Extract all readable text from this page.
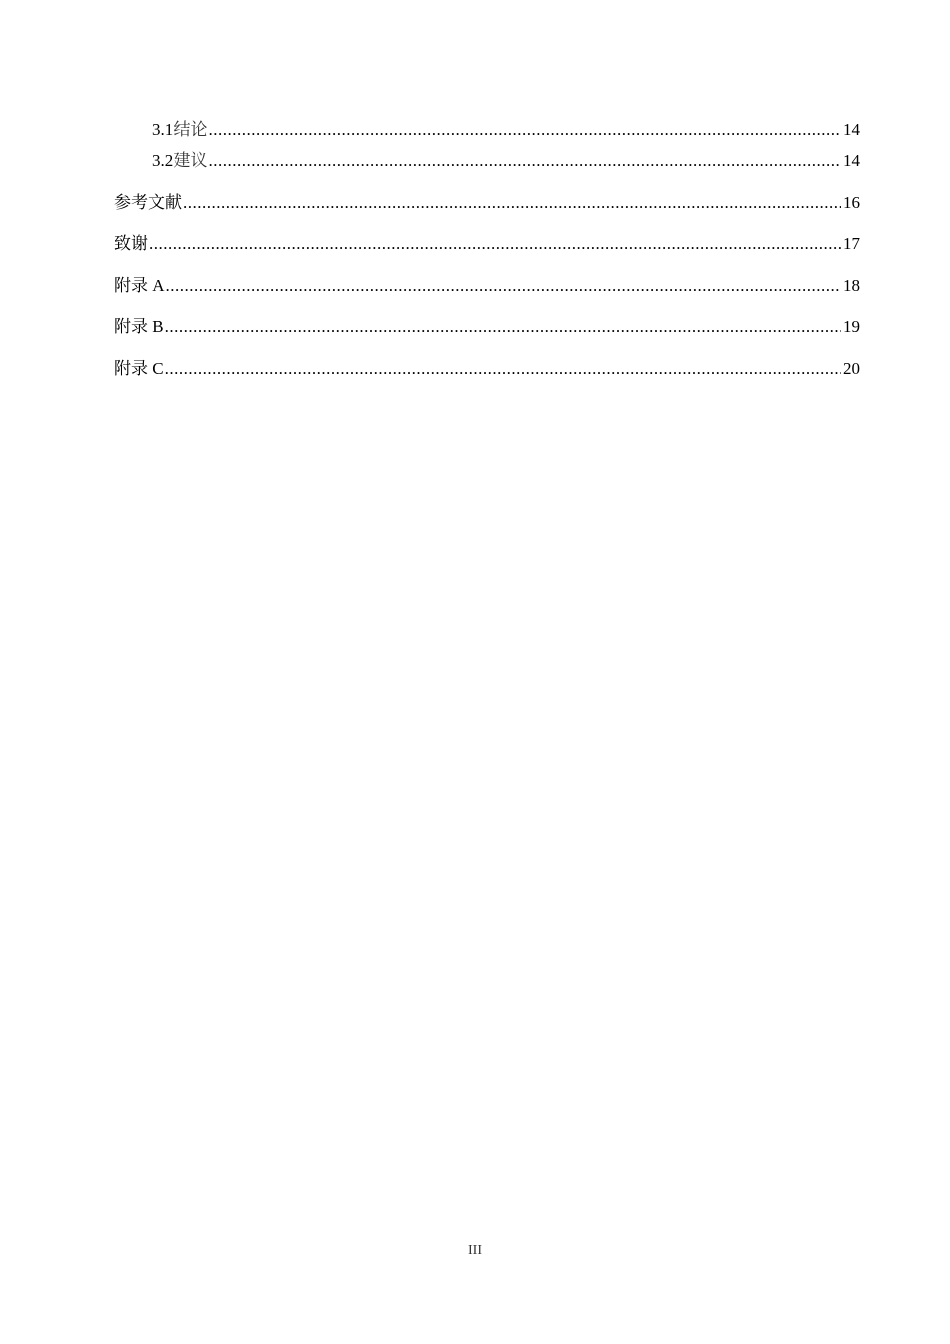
3.1 结论 .....	14
3.2 建议 .....	14
参考文献 .....	16
致谢 .....	17
附录 A .....	18
附录 B .....	19
附录 C .....	20
III
